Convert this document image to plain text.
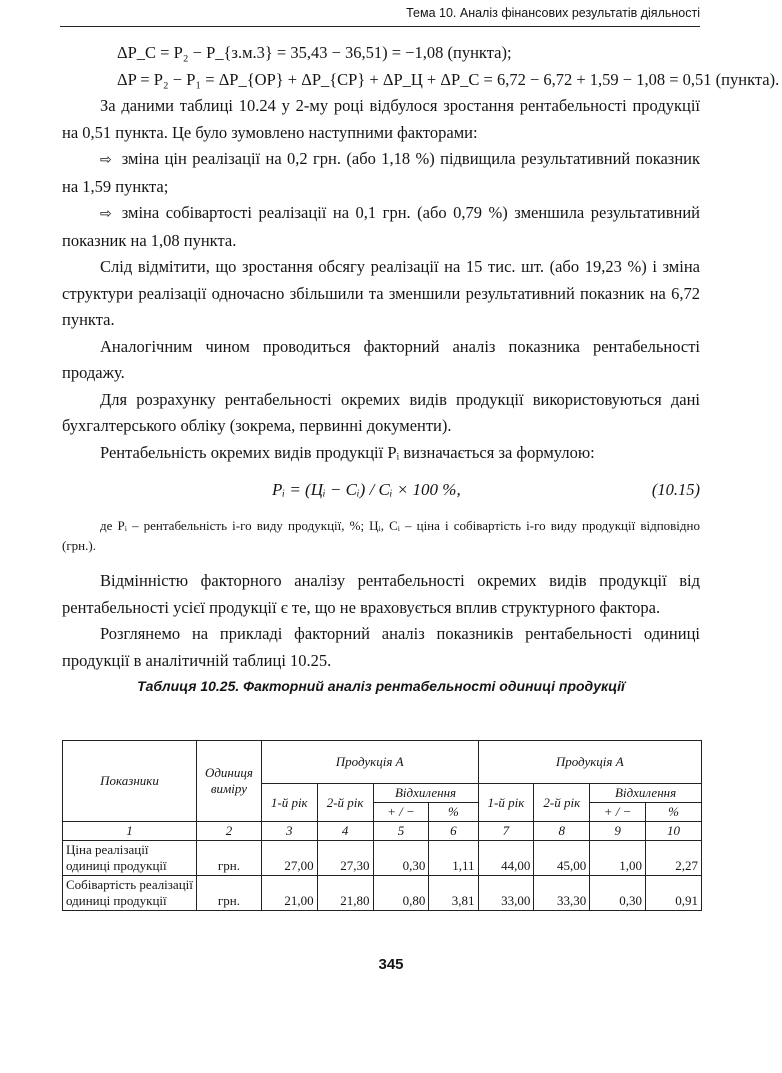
Тема 10. Аналіз фінансових результатів діяльності
ΔP_C = P₂ − P_{з.м.3} = 35,43 − 36,51) = −1,08 (пункта);
ΔP = P₂ − P₁ = ΔP_{OP} + ΔP_{CP} + ΔP_Ц + ΔP_C = 6,72 − 6,72 + 1,59 − 1,08 = 0,51 (пункта).

За даними таблиці 10.24 у 2-му році відбулося зростання рентабельності продукції на 0,51 пункта. Це було зумовлено наступними факторами:

⇨ зміна цін реалізації на 0,2 грн. (або 1,18 %) підвищила результативний показник на 1,59 пункта;

⇨ зміна собівартості реалізації на 0,1 грн. (або 0,79 %) зменшила результативний показник на 1,08 пункта.

Слід відмітити, що зростання обсягу реалізації на 15 тис. шт. (або 19,23 %) і зміна структури реалізації одночасно збільшили та зменшили результативний показник на 6,72 пункта.

Аналогічним чином проводиться факторний аналіз показника рентабельності продажу.

Для розрахунку рентабельності окремих видів продукції використовуються дані бухгалтерського обліку (зокрема, первинні документи).

Рентабельність окремих видів продукції Pᵢ визначається за формулою:

Pᵢ = (Цᵢ − Cᵢ) / Cᵢ × 100 %,	(10.15)

де Pᵢ – рентабельність i-го виду продукції, %; Цᵢ, Cᵢ – ціна і собівартість i-го виду продукції відповідно (грн.).

Відмінністю факторного аналізу рентабельності окремих видів продукції від рентабельності усієї продукції є те, що не враховується вплив структурного фактора.

Розглянемо на прикладі факторний аналіз показників рентабельності одиниці продукції в аналітичній таблиці 10.25.

Таблиця 10.25. Факторний аналіз рентабельності одиниці продукції
Показники	Одиниця виміру	Продукція А				Продукція А			
		1-й рік	2-й рік	Відхилення		1-й рік	2-й рік	Відхилення	
				+ / −	%			+ / −	%
1	2	3	4	5	6	7	8	9	10
Ціна реалізації одиниці продукції	грн.	27,00	27,30	0,30	1,11	44,00	45,00	1,00	2,27
Собівартість реалізації одиниці продукції	грн.	21,00	21,80	0,80	3,81	33,00	33,30	0,30	0,91
345
